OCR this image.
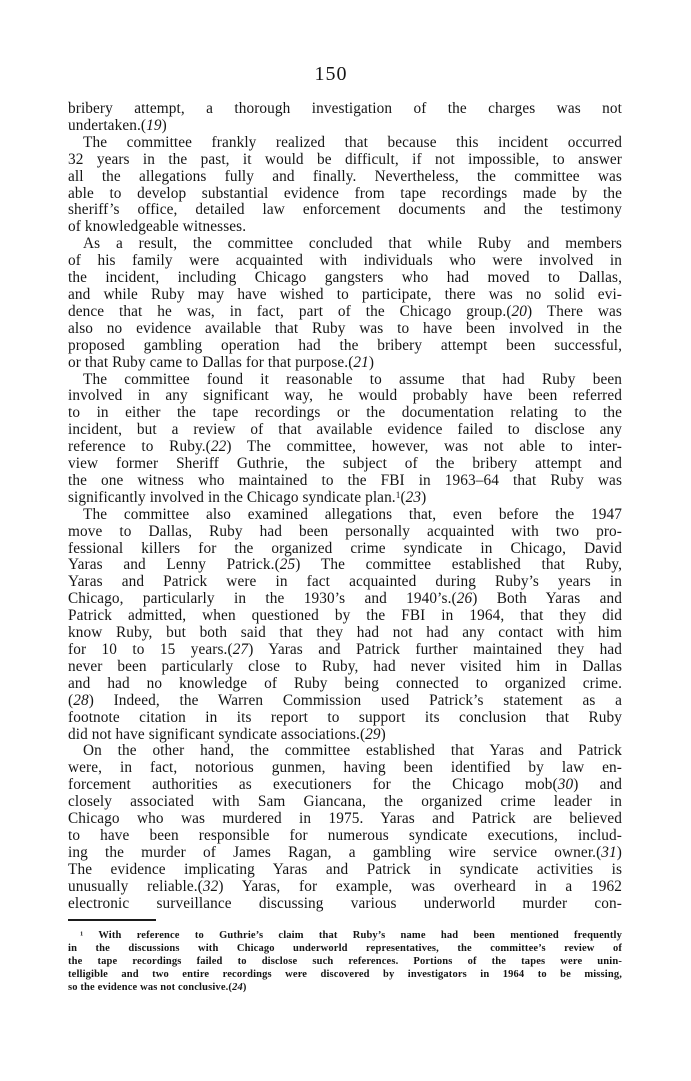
150
bribery attempt, a thorough investigation of the charges was not
undertaken.(19)
The committee frankly realized that because this incident occurred
32 years in the past, it would be difficult, if not impossible, to answer
all the allegations fully and finally. Nevertheless, the committee was
able to develop substantial evidence from tape recordings made by the
sheriff’s office, detailed law enforcement documents and the testimony
of knowledgeable witnesses.
As a result, the committee concluded that while Ruby and members
of his family were acquainted with individuals who were involved in
the incident, including Chicago gangsters who had moved to Dallas,
and while Ruby may have wished to participate, there was no solid evi-
dence that he was, in fact, part of the Chicago group.(20) There was
also no evidence available that Ruby was to have been involved in the
proposed gambling operation had the bribery attempt been successful,
or that Ruby came to Dallas for that purpose.(21)
The committee found it reasonable to assume that had Ruby been
involved in any significant way, he would probably have been referred
to in either the tape recordings or the documentation relating to the
incident, but a review of that available evidence failed to disclose any
reference to Ruby.(22) The committee, however, was not able to inter-
view former Sheriff Guthrie, the subject of the bribery attempt and
the one witness who maintained to the FBI in 1963–64 that Ruby was
significantly involved in the Chicago syndicate plan.$^1$(23)
The committee also examined allegations that, even before the 1947
move to Dallas, Ruby had been personally acquainted with two pro-
fessional killers for the organized crime syndicate in Chicago, David
Yaras and Lenny Patrick.(25) The committee established that Ruby,
Yaras and Patrick were in fact acquainted during Ruby’s years in
Chicago, particularly in the 1930’s and 1940’s.(26) Both Yaras and
Patrick admitted, when questioned by the FBI in 1964, that they did
know Ruby, but both said that they had not had any contact with him
for 10 to 15 years.(27) Yaras and Patrick further maintained they had
never been particularly close to Ruby, had never visited him in Dallas
and had no knowledge of Ruby being connected to organized crime.
(28) Indeed, the Warren Commission used Patrick’s statement as a
footnote citation in its report to support its conclusion that Ruby
did not have significant syndicate associations.(29)
On the other hand, the committee established that Yaras and Patrick
were, in fact, notorious gunmen, having been identified by law en-
forcement authorities as executioners for the Chicago mob(30) and
closely associated with Sam Giancana, the organized crime leader in
Chicago who was murdered in 1975. Yaras and Patrick are believed
to have been responsible for numerous syndicate executions, includ-
ing the murder of James Ragan, a gambling wire service owner.(31)
The evidence implicating Yaras and Patrick in syndicate activities is
unusually reliable.(32) Yaras, for example, was overheard in a 1962
electronic surveillance discussing various underworld murder con-
$^1$ With reference to Guthrie’s claim that Ruby’s name had been mentioned frequently
in the discussions with Chicago underworld representatives, the committee’s review of
the tape recordings failed to disclose such references. Portions of the tapes were unin-
telligible and two entire recordings were discovered by investigators in 1964 to be missing,
so the evidence was not conclusive.(24)
